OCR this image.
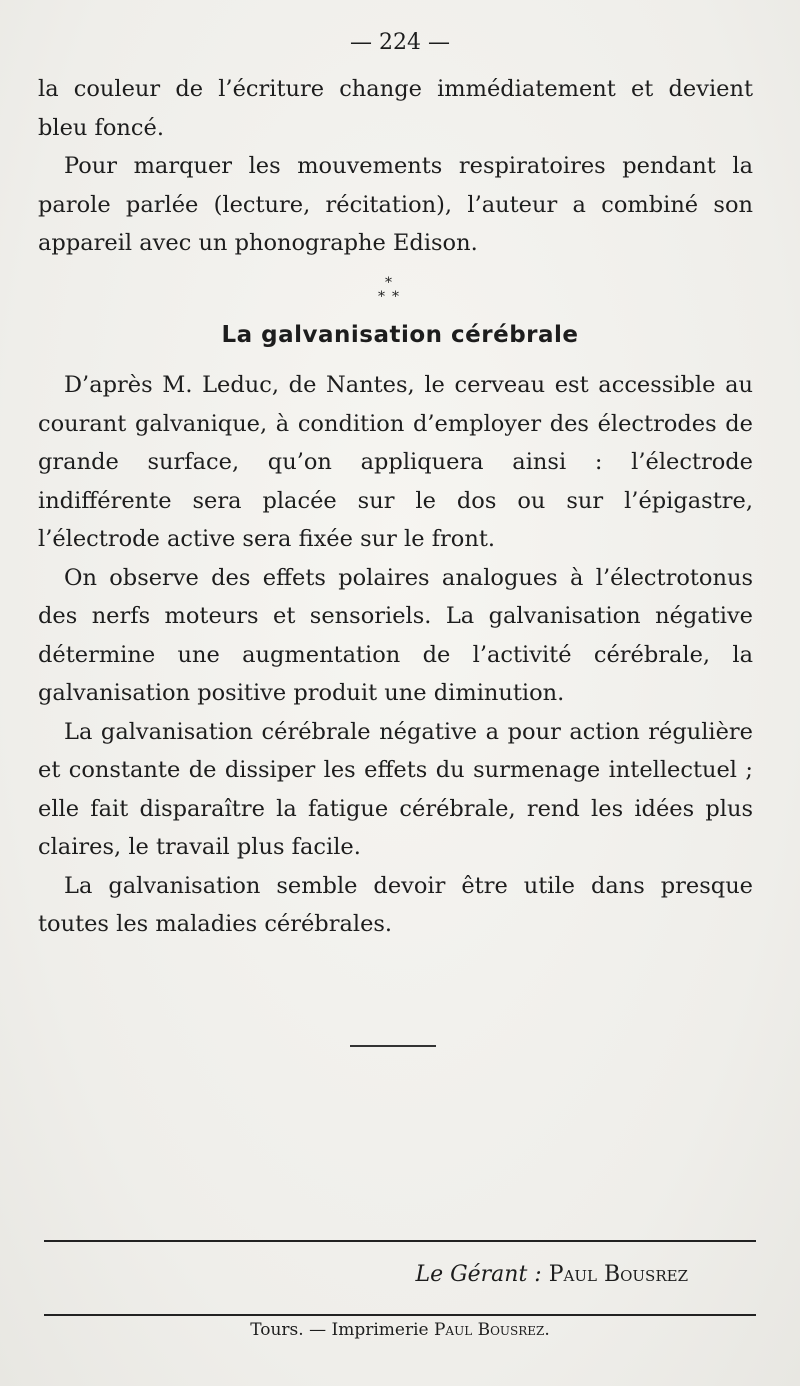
— 224 —

la couleur de l’écriture change immédiatement et devient bleu foncé.

Pour marquer les mouvements respiratoires pendant la parole parlée (lecture, récitation), l’auteur a combiné son appareil avec un phonographe Edison.

*
* *
La galvanisation cérébrale

D’après M. Leduc, de Nantes, le cerveau est accessible au courant galvanique, à condition d’employer des électrodes de grande surface, qu’on appliquera ainsi : l’électrode indifférente sera placée sur le dos ou sur l’épigastre, l’électrode active sera fixée sur le front.

On observe des effets polaires analogues à l’électrotonus des nerfs moteurs et sensoriels. La galvanisation négative détermine une augmentation de l’activité cérébrale, la galvanisation positive produit une diminution.

La galvanisation cérébrale négative a pour action régulière et constante de dissiper les effets du surmenage intellectuel ; elle fait disparaître la fatigue cérébrale, rend les idées plus claires, le travail plus facile.

La galvanisation semble devoir être utile dans presque toutes les maladies cérébrales.

Le Gérant : Paul Bousrez
Tours. — Imprimerie Paul Bousrez.
